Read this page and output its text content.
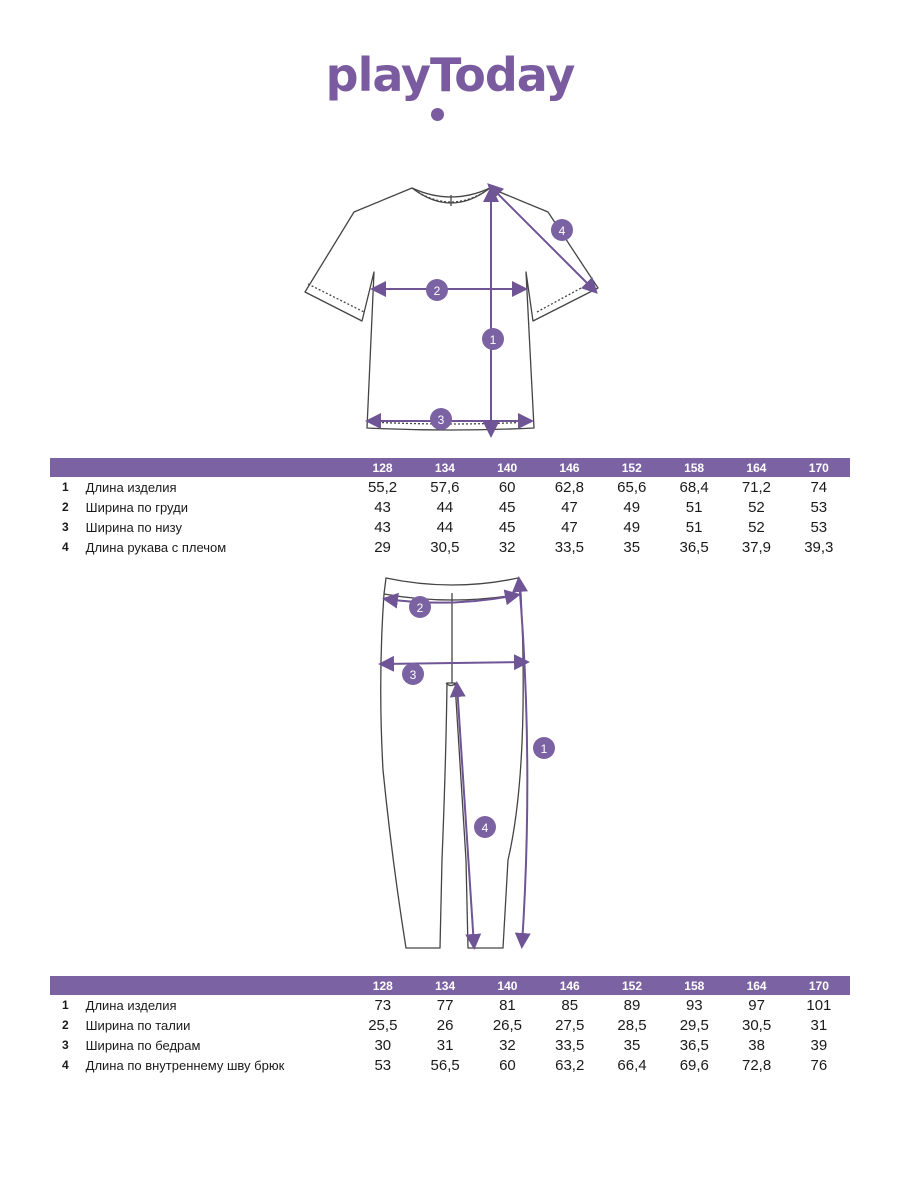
playToday
1
2
3
4
		128	134	140	146	152	158	164	170
1	Длина изделия	55,2	57,6	60	62,8	65,6	68,4	71,2	74
2	Ширина по груди	43	44	45	47	49	51	52	53
3	Ширина по низу	43	44	45	47	49	51	52	53
4	Длина рукава с плечом	29	30,5	32	33,5	35	36,5	37,9	39,3
1
2
3
4
		128	134	140	146	152	158	164	170
1	Длина изделия	73	77	81	85	89	93	97	101
2	Ширина по талии	25,5	26	26,5	27,5	28,5	29,5	30,5	31
3	Ширина по бедрам	30	31	32	33,5	35	36,5	38	39
4	Длина по внутреннему шву брюк	53	56,5	60	63,2	66,4	69,6	72,8	76
